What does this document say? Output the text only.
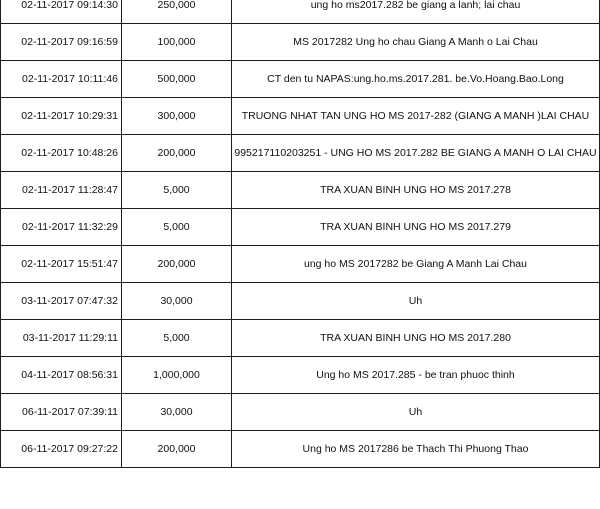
02-11-2017 09:14:30	250,000	ung ho ms2017.282 be giang a lanh; lai chau
02-11-2017 09:16:59	100,000	MS 2017282 Ung ho chau Giang A Manh o Lai Chau
02-11-2017 10:11:46	500,000	CT den tu NAPAS:ung.ho.ms.2017.281. be.Vo.Hoang.Bao.Long
02-11-2017 10:29:31	300,000	TRUONG NHAT TAN UNG HO MS 2017-282 (GIANG A MANH )LAI CHAU
02-11-2017 10:48:26	200,000	995217110203251 - UNG HO MS 2017.282 BE GIANG A MANH O LAI CHAU
02-11-2017 11:28:47	5,000	TRA XUAN BINH UNG HO MS 2017.278
02-11-2017 11:32:29	5,000	TRA XUAN BINH UNG HO MS 2017.279
02-11-2017 15:51:47	200,000	ung ho MS 2017282 be Giang A Manh Lai Chau
03-11-2017 07:47:32	30,000	Uh
03-11-2017 11:29:11	5,000	TRA XUAN BINH UNG HO MS 2017.280
04-11-2017 08:56:31	1,000,000	Ung ho MS 2017.285 - be tran phuoc thinh
06-11-2017 07:39:11	30,000	Uh
06-11-2017 09:27:22	200,000	Ung ho MS 2017286 be Thach Thi Phuong Thao
